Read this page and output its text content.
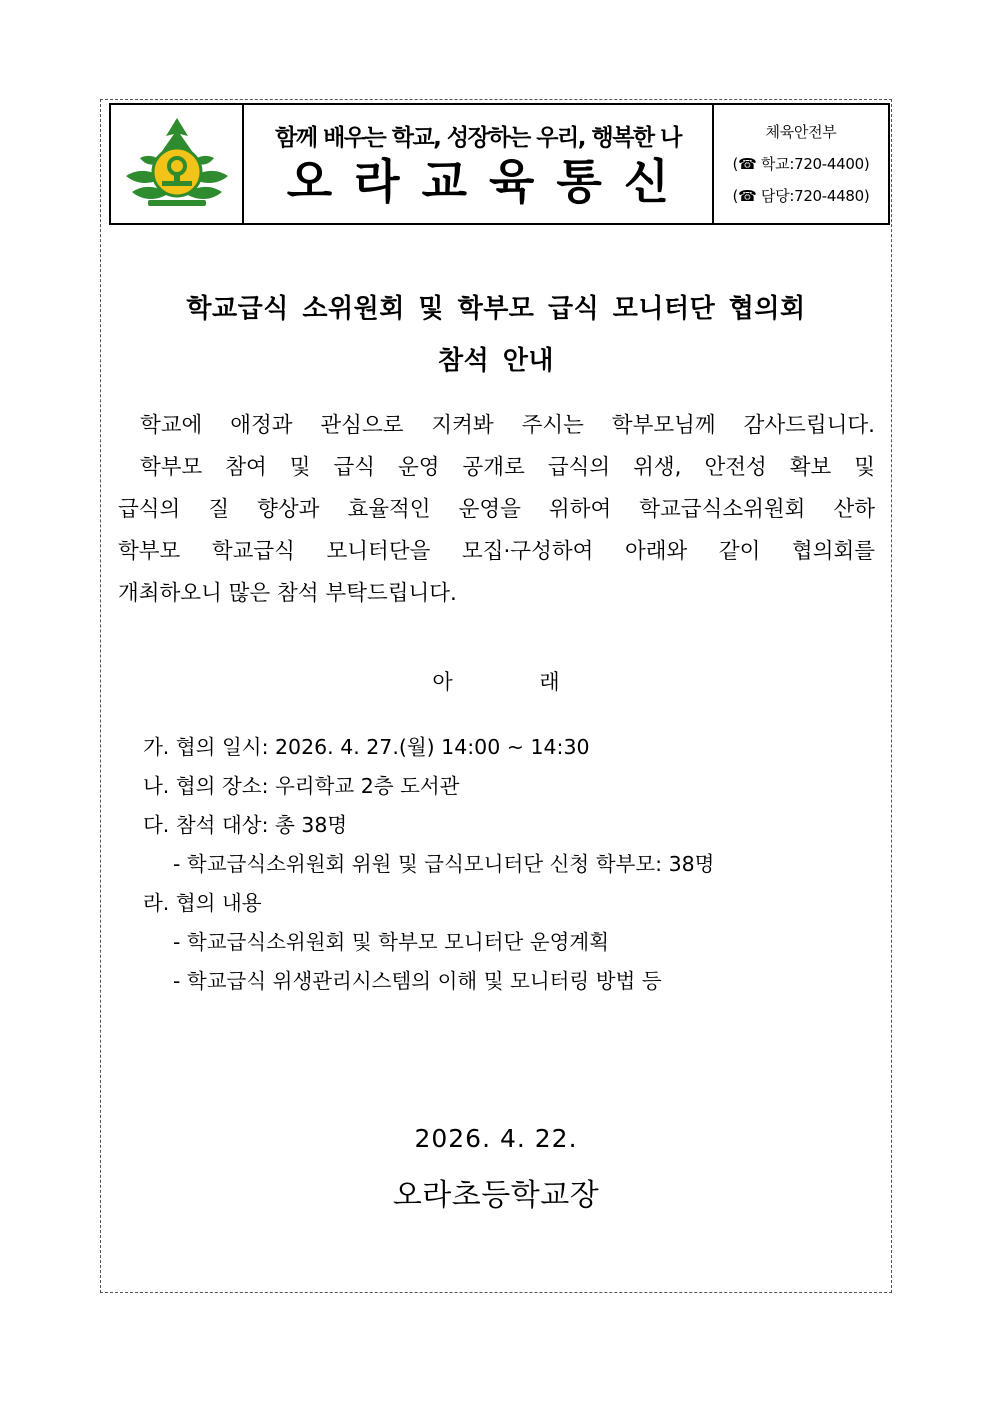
함께 배우는 학교, 성장하는 우리, 행복한 나
오라교육통신
체육안전부
(☎ 학교:720-4400)
(☎ 담당:720-4480)
학교급식 소위원회 및 학부모 급식 모니터단 협의회
참석 안내
학교에 애정과 관심으로 지켜봐 주시는 학부모님께 감사드립니다.
학부모 참여 및 급식 운영 공개로 급식의 위생, 안전성 확보 및
급식의 질 향상과 효율적인 운영을 위하여 학교급식소위원회 산하
학부모 학교급식 모니터단을 모집·구성하여 아래와 같이 협의회를
개최하오니 많은 참석 부탁드립니다.
아 래
가. 협의 일시: 2026. 4. 27.(월) 14:00 ~ 14:30
나. 협의 장소: 우리학교 2층 도서관
다. 참석 대상: 총 38명
- 학교급식소위원회 위원 및 급식모니터단 신청 학부모: 38명
라. 협의 내용
- 학교급식소위원회 및 학부모 모니터단 운영계획
- 학교급식 위생관리시스템의 이해 및 모니터링 방법 등
2026. 4. 22.
오라초등학교장
